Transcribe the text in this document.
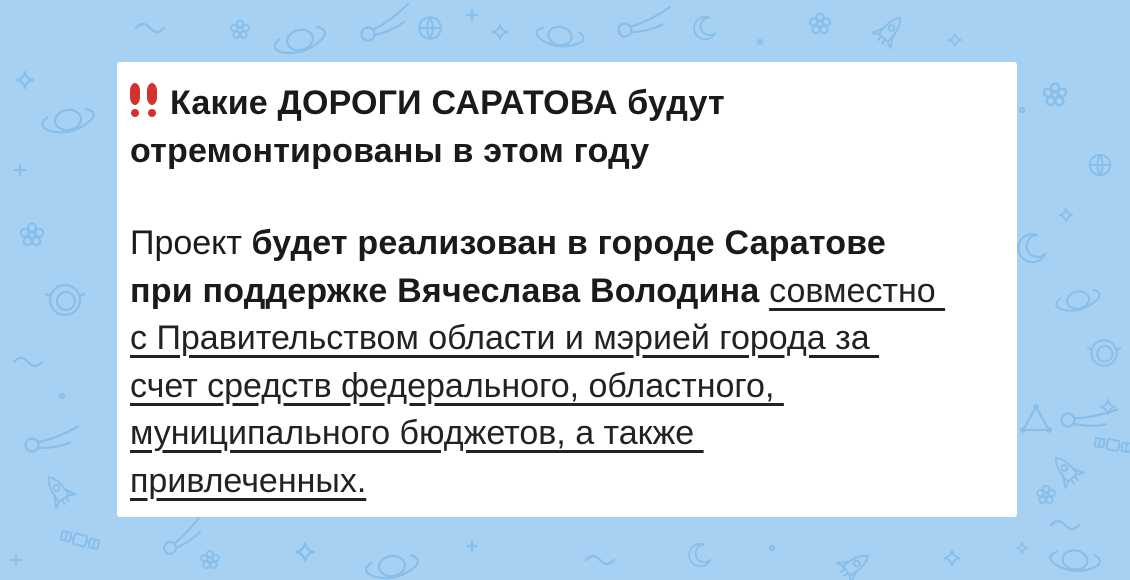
Какие ДОРОГИ САРАТОВА будут отремонтированы в этом году
Проект будет реализован в городе Саратове
при поддержке Вячеслава Володина совместно
с Правительством области и мэрией города за
счет средств федерального, областного,
муниципального бюджетов, а также
привлеченных.
